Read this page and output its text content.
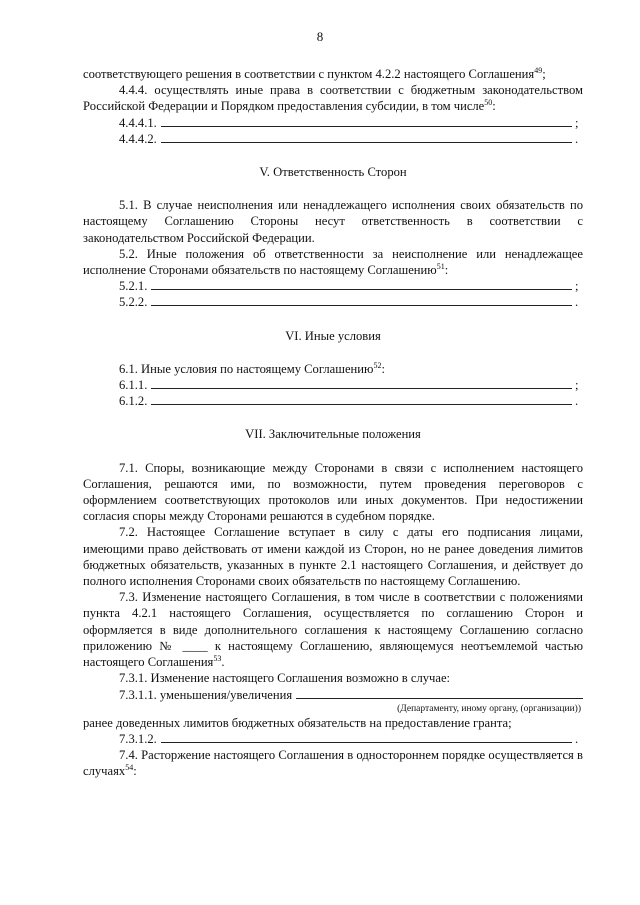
8

соответствующего решения в соответствии с пунктом 4.2.2 настоящего Соглашения$^{49}$;

4.4.4. осуществлять иные права в соответствии с бюджетным законодательством Российской Федерации и Порядком предоставления субсидии, в том числе$^{50}$:

4.4.4.1.	;
4.4.4.2.	.

V. Ответственность Сторон

5.1. В случае неисполнения или ненадлежащего исполнения своих обязательств по настоящему Соглашению Стороны несут ответственность в соответствии с законодательством Российской Федерации.

5.2. Иные положения об ответственности за неисполнение или ненадлежащее исполнение Сторонами обязательств по настоящему Соглашению$^{51}$:

5.2.1.	;
5.2.2.	.

VI. Иные условия

6.1. Иные условия по настоящему Соглашению$^{52}$:

6.1.1.	;
6.1.2.	.

VII. Заключительные положения

7.1. Споры, возникающие между Сторонами в связи с исполнением настоящего Соглашения, решаются ими, по возможности, путем проведения переговоров с оформлением соответствующих протоколов или иных документов. При недостижении согласия споры между Сторонами решаются в судебном порядке.

7.2. Настоящее Соглашение вступает в силу с даты его подписания лицами, имеющими право действовать от имени каждой из Сторон, но не ранее доведения лимитов бюджетных обязательств, указанных в пункте 2.1 настоящего Соглашения, и действует до полного исполнения Сторонами своих обязательств по настоящему Соглашению.

7.3. Изменение настоящего Соглашения, в том числе в соответствии с положениями пункта 4.2.1 настоящего Соглашения, осуществляется по соглашению Сторон и оформляется в виде дополнительного соглашения к настоящему Соглашению согласно приложению № ____ к настоящему Соглашению, являющемуся неотъемлемой частью настоящего Соглашения$^{53}$.

7.3.1. Изменение настоящего Соглашения возможно в случае:

7.3.1.1. уменьшения/увеличения

(Департаменту, иному органу, (организации))

ранее доведенных лимитов бюджетных обязательств на предоставление гранта;

7.3.1.2.	.

7.4. Расторжение настоящего Соглашения в одностороннем порядке осуществляется в случаях$^{54}$:
